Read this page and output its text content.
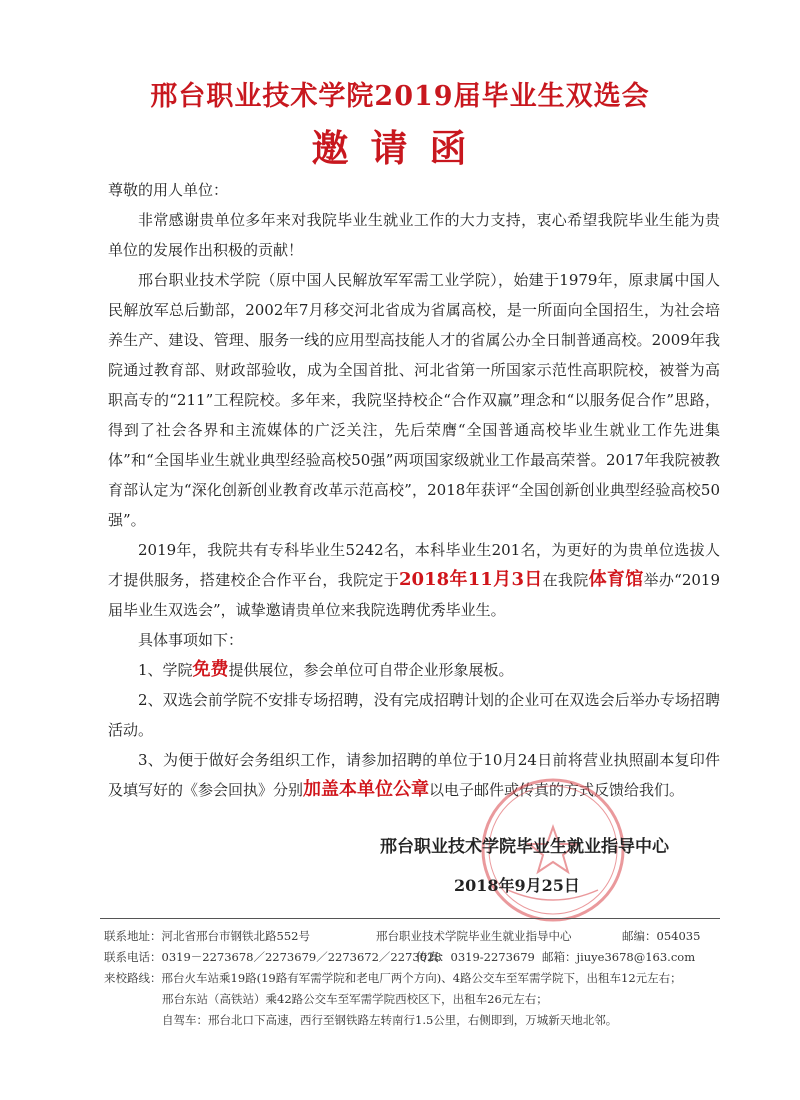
邢台职业技术学院2019届毕业生双选会
邀请函

尊敬的用人单位：

非常感谢贵单位多年来对我院毕业生就业工作的大力支持，衷心希望我院毕业生能为贵单位的发展作出积极的贡献！

邢台职业技术学院（原中国人民解放军军需工业学院），始建于1979年，原隶属中国人民解放军总后勤部，2002年7月移交河北省成为省属高校，是一所面向全国招生，为社会培养生产、建设、管理、服务一线的应用型高技能人才的省属公办全日制普通高校。2009年我院通过教育部、财政部验收，成为全国首批、河北省第一所国家示范性高职院校，被誉为高职高专的“211”工程院校。多年来，我院坚持校企“合作双赢”理念和“以服务促合作”思路，得到了社会各界和主流媒体的广泛关注，先后荣膺“全国普通高校毕业生就业工作先进集体”和“全国毕业生就业典型经验高校50强”两项国家级就业工作最高荣誉。2017年我院被教育部认定为“深化创新创业教育改革示范高校”，2018年获评“全国创新创业典型经验高校50强”。

2019年，我院共有专科毕业生5242名，本科毕业生201名，为更好的为贵单位选拔人才提供服务，搭建校企合作平台，我院定于2018年11月3日在我院体育馆举办“2019届毕业生双选会”，诚挚邀请贵单位来我院选聘优秀毕业生。

具体事项如下：

1、学院免费提供展位，参会单位可自带企业形象展板。

2、双选会前学院不安排专场招聘，没有完成招聘计划的企业可在双选会后举办专场招聘活动。

3、为便于做好会务组织工作，请参加招聘的单位于10月24日前将营业执照副本复印件及填写好的《参会回执》分别加盖本单位公章以电子邮件或传真的方式反馈给我们。

邢台职业技术学院毕业生就业指导中心
2018年9月25日
联系地址：河北省邢台市钢铁北路552号	邢台职业技术学院毕业生就业指导中心	邮编：054035
联系电话：0319－2273678／2273679／2273672／2273028
传真：0319-2273679 邮箱：jiuye3678@163.com
来校路线：邢台火车站乘19路(19路有军需学院和老电厂两个方向)、4路公交车至军需学院下，出租车12元左右；
邢台东站（高铁站）乘42路公交车至军需学院西校区下，出租车26元左右；
自驾车：邢台北口下高速，西行至钢铁路左转南行1.5公里，右侧即到，万城新天地北邻。
